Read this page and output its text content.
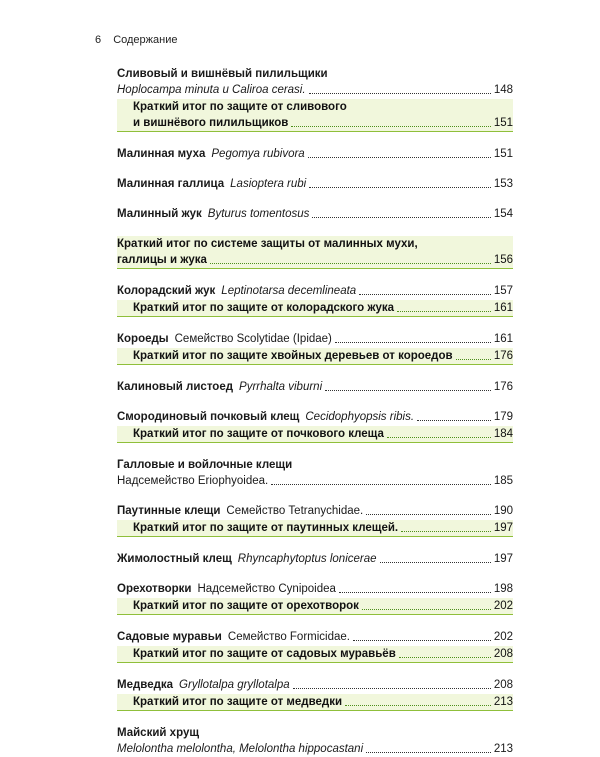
6 Содержание
Сливовый и вишнёвый пилильщики
Hoplocampa minuta и Caliroa cerasi.	148
Краткий итог по защите от сливового
и вишнёвого пилильщиков	151
Малинная муха Pegomya rubivora	151
Малинная галлица Lasioptera rubi	153
Малинный жук Byturus tomentosus	154
Краткий итог по системе защиты от малинных мухи,
галлицы и жука	156
Колорадский жук Leptinotarsa decemlineata	157
Краткий итог по защите от колорадского жука	161
Короеды Семейство Scolytidae (Ipidae)	161
Краткий итог по защите хвойных деревьев от короедов	176
Калиновый листоед Pyrrhalta viburni	176
Смородиновый почковый клещ Cecidophyopsis ribis.	179
Краткий итог по защите от почкового клеща	184
Галловые и войлочные клещи
Надсемейство Eriophyoidea.	185
Паутинные клещи Семейство Tetranychidae.	190
Краткий итог по защите от паутинных клещей.	197
Жимолостный клещ Rhyncaphytoptus lonicerae	197
Орехотворки Надсемейство Cynipoidea	198
Краткий итог по защите от орехотворок	202
Садовые муравьи Семейство Formicidae.	202
Краткий итог по защите от садовых муравьёв	208
Медведка Gryllotalpa gryllotalpa	208
Краткий итог по защите от медведки	213
Майский хрущ
Melolontha melolontha, Melolontha hippocastani	213
